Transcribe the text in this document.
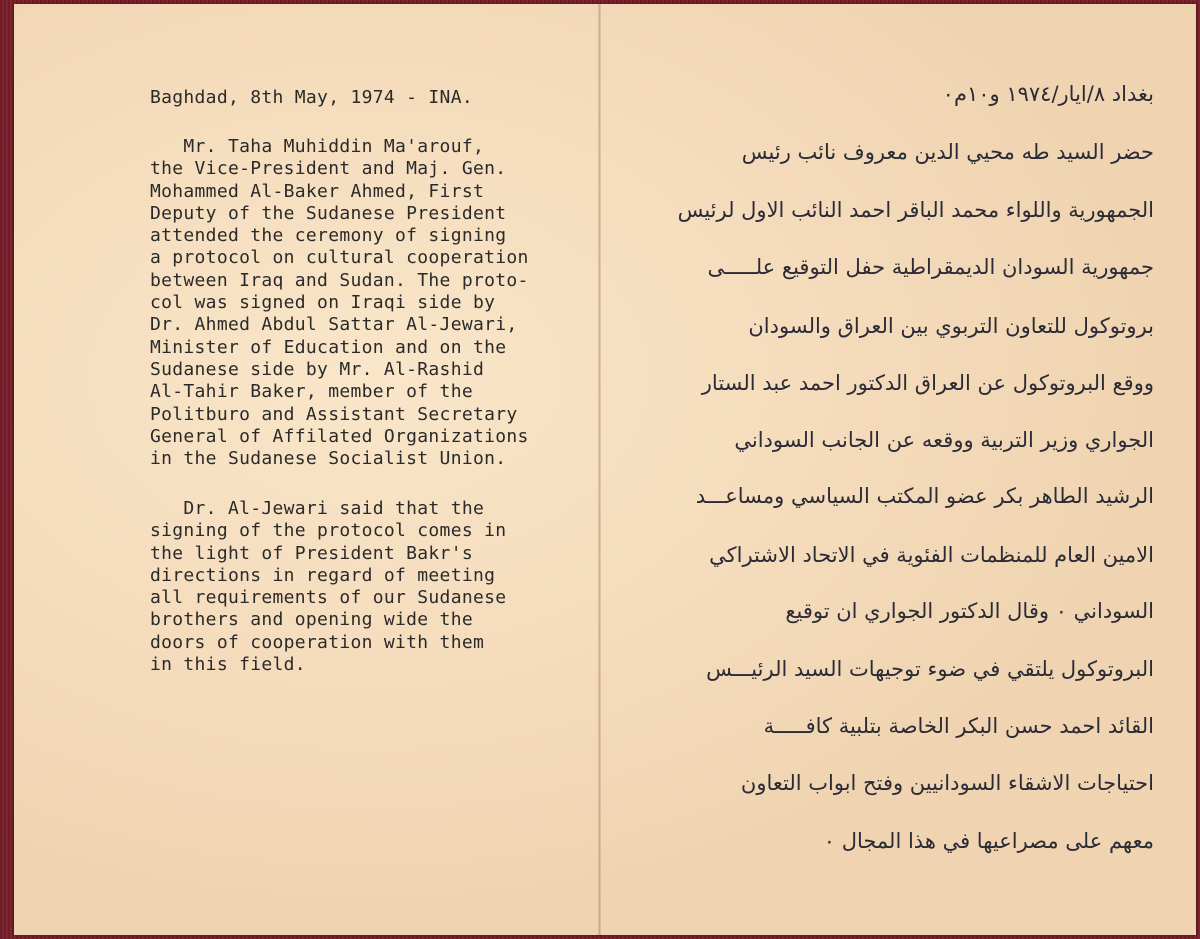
Baghdad, 8th May, 1974 - INA.
Mr. Taha Muhiddin Ma'arouf,
the Vice-President and Maj. Gen.
Mohammed Al-Baker Ahmed, First
Deputy of the Sudanese President
attended the ceremony of signing
a protocol on cultural cooperation
between Iraq and Sudan. The proto-
col was signed on Iraqi side by
Dr. Ahmed Abdul Sattar Al-Jewari,
Minister of Education and on the
Sudanese side by Mr. Al-Rashid
Al-Tahir Baker, member of the
Politburo and Assistant Secretary
General of Affilated Organizations
in the Sudanese Socialist Union.
Dr. Al-Jewari said that the
signing of the protocol comes in
the light of President Bakr's
directions in regard of meeting
all requirements of our Sudanese
brothers and opening wide the
doors of cooperation with them
in this field.
بغداد ٨/ايار/١٩٧٤ و١٠م٠
حضر السيد طه محيي الدين معروف نائب رئيس
الجمهورية واللواء محمد الباقر احمد النائب الاول لرئيس
جمهورية السودان الديمقراطية حفل التوقيع علـــــى
بروتوكول للتعاون التربوي بين العراق والسودان
ووقع البروتوكول عن العراق الدكتور احمد عبد الستار
الجواري وزير التربية ووقعه عن الجانب السوداني
الرشيد الطاهر بكر عضو المكتب السياسي ومساعـــد
الامين العام للمنظمات الفئوية في الاتحاد الاشتراكي
السوداني ٠ وقال الدكتور الجواري ان توقيع
البروتوكول يلتقي في ضوء توجيهات السيد الرئيـــس
القائد احمد حسن البكر الخاصة بتلبية كافـــــة
احتياجات الاشقاء السودانيين وفتح ابواب التعاون
معهم على مصراعيها في هذا المجال ٠
